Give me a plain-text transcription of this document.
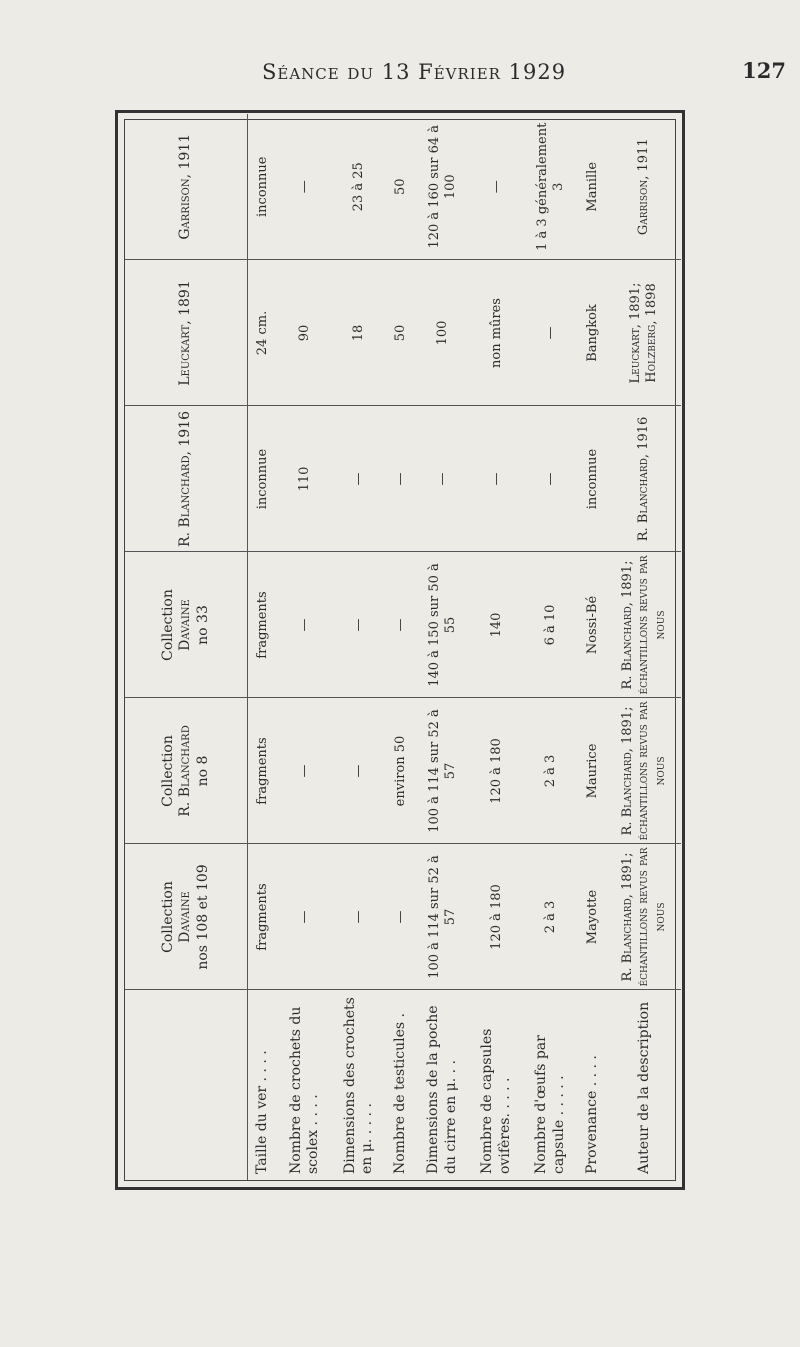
Séance du 13 Février 1929	127
	Collection Davaine nos 108 et 109	Collection R. Blanchard no 8	Collection Davaine no 33	R. Blanchard, 1916	Leuckart, 1891	Garrison, 1911
Taille du ver . . . .	fragments	fragments	fragments	inconnue	24 cm.	inconnue
Nombre de crochets du scolex . . . .	—	—	—	110	90	—
Dimensions des crochets en μ. . . . .	—	—	—	—	18	23 à 25
Nombre de testicules .	—	environ 50	—	—	50	50
Dimensions de la poche du cirre en μ. . .	100 à 114 sur 52 à 57	100 à 114 sur 52 à 57	140 à 150 sur 50 à 55	—	100	120 à 160 sur 64 à 100
Nombre de capsules ovifères. . . . .	120 à 180	120 à 180	140	—	non mûres	—
Nombre d'œufs par capsule . . . . .	2 à 3	2 à 3	6 à 10	—	—	1 à 3 généralement 3
Provenance . . . .	Mayotte	Maurice	Nossi-Bé	inconnue	Bangkok	Manille
Auteur de la description	R. Blanchard, 1891; échantillons revus par nous	R. Blanchard, 1891; échantillons revus par nous	R. Blanchard, 1891; échantillons revus par nous	R. Blanchard, 1916	Leuckart, 1891; Holzberg, 1898	Garrison, 1911
